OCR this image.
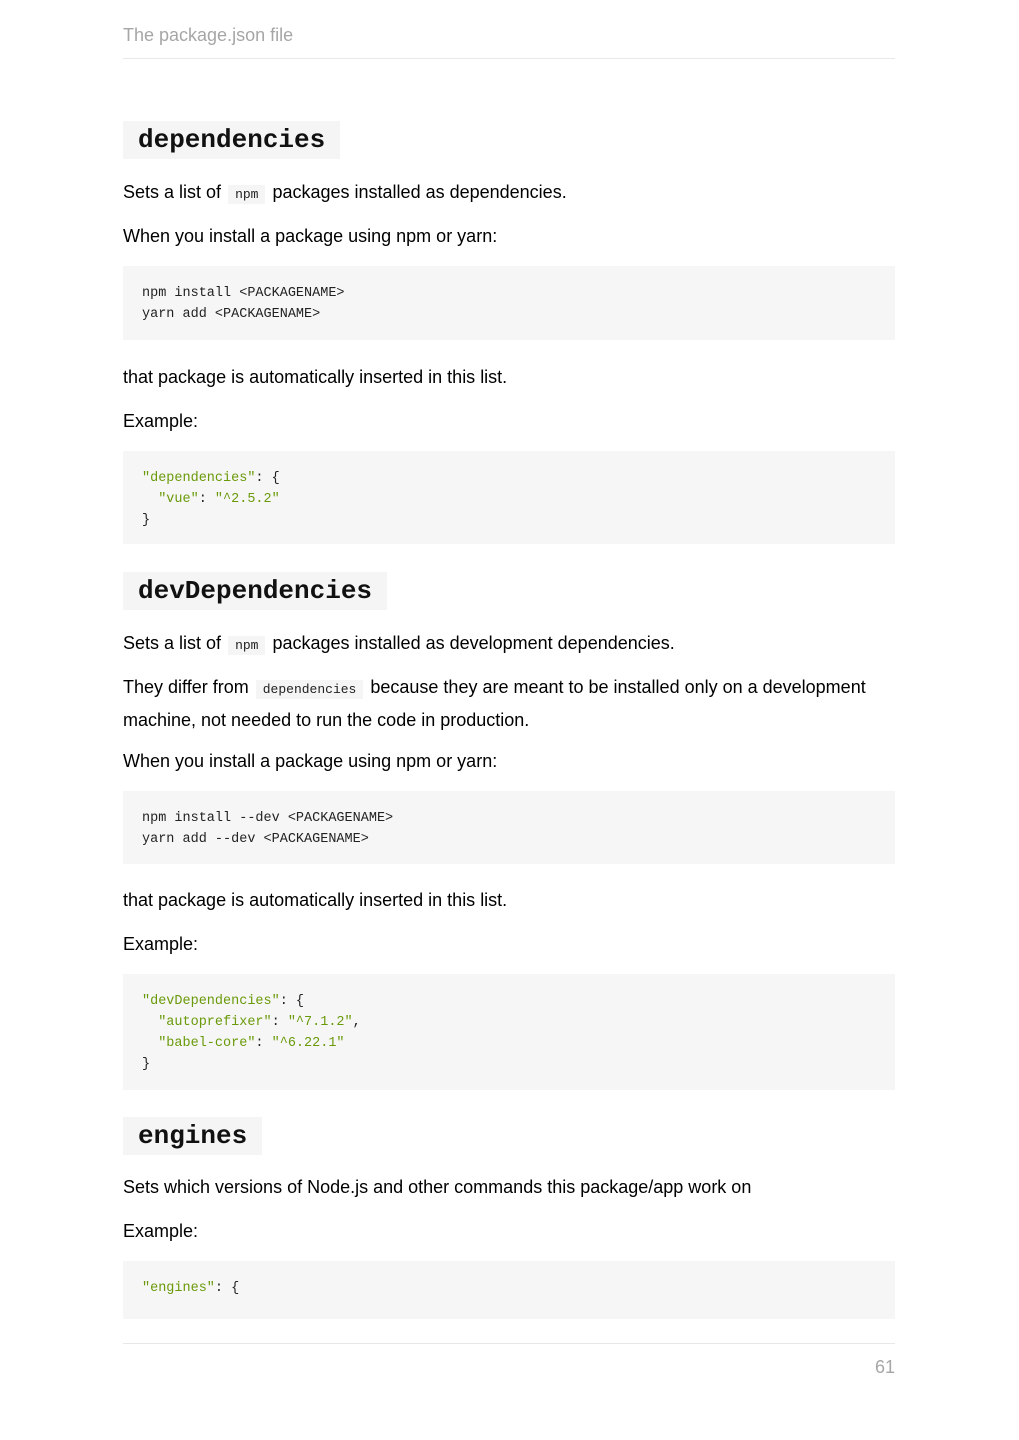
The package.json file
dependencies

Sets a list of npm packages installed as dependencies.

When you install a package using npm or yarn:

npm install <PACKAGENAME>
yarn add <PACKAGENAME>

that package is automatically inserted in this list.

Example:

"dependencies": {
"vue": "^2.5.2"
}
devDependencies

Sets a list of npm packages installed as development dependencies.

They differ from dependencies because they are meant to be installed only on a development machine, not needed to run the code in production.

When you install a package using npm or yarn:

npm install --dev <PACKAGENAME>
yarn add --dev <PACKAGENAME>

that package is automatically inserted in this list.

Example:

"devDependencies": {
"autoprefixer": "^7.1.2",
"babel-core": "^6.22.1"
}
engines

Sets which versions of Node.js and other commands this package/app work on

Example:

"engines": {
61
